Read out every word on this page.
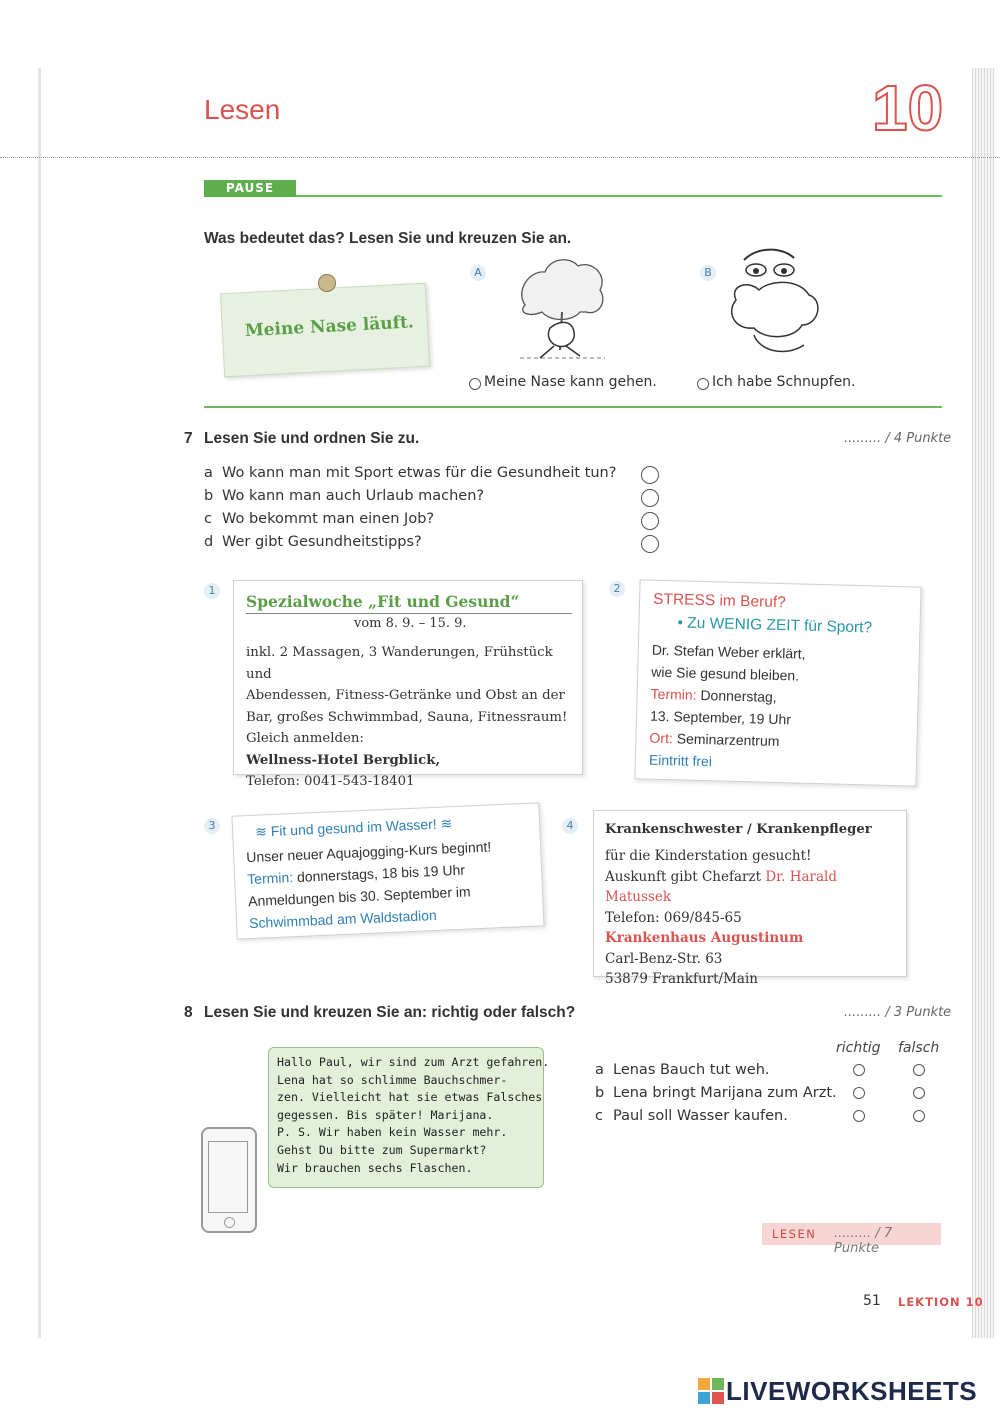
Lesen	10
PAUSE
Was bedeutet das? Lesen Sie und kreuzen Sie an.
Meine Nase läuft.
A
Meine Nase kann gehen.
B
Ich habe Schnupfen.
7 Lesen Sie und ordnen Sie zu.	......... / 4 Punkte
a Wo kann man mit Sport etwas für die Gesundheit tun?
b Wo kann man auch Urlaub machen?
c Wo bekommt man einen Job?
d Wer gibt Gesundheitstipps?
1
Spezialwoche „Fit und Gesund“
vom 8. 9. – 15. 9.
inkl. 2 Massagen, 3 Wanderungen, Frühstück und
Abendessen, Fitness-Getränke und Obst an der
Bar, großes Schwimmbad, Sauna, Fitnessraum!
Gleich anmelden:
Wellness-Hotel Bergblick,
Telefon: 0041-543-18401
2
STRESS im Beruf?
• Zu WENIG ZEIT für Sport?
Dr. Stefan Weber erklärt,
wie Sie gesund bleiben.
Termin: Donnerstag,
13. September, 19 Uhr
Ort: Seminarzentrum
Eintritt frei
3	≋ Fit und gesund im Wasser! ≋
Unser neuer Aquajogging-Kurs beginnt!
Termin: donnerstags, 18 bis 19 Uhr
Anmeldungen bis 30. September im
Schwimmbad am Waldstadion
4	Krankenschwester / Krankenpfleger
für die Kinderstation gesucht!
Auskunft gibt Chefarzt Dr. Harald Matussek
Telefon: 069/845-65
Krankenhaus Augustinum
Carl-Benz-Str. 63
53879 Frankfurt/Main
8 Lesen Sie und kreuzen Sie an: richtig oder falsch?	......... / 3 Punkte
Hallo Paul, wir sind zum Arzt gefahren.
Lena hat so schlimme Bauchschmer-
zen. Vielleicht hat sie etwas Falsches
gegessen. Bis später! Marijana.
P. S. Wir haben kein Wasser mehr.
Gehst Du bitte zum Supermarkt?
Wir brauchen sechs Flaschen.
richtig falsch
a Lenas Bauch tut weh.
b Lena bringt Marijana zum Arzt.
c Paul soll Wasser kaufen.
LESEN ......... / 7 Punkte
51 LEKTION 10
LIVEWORKSHEETS
